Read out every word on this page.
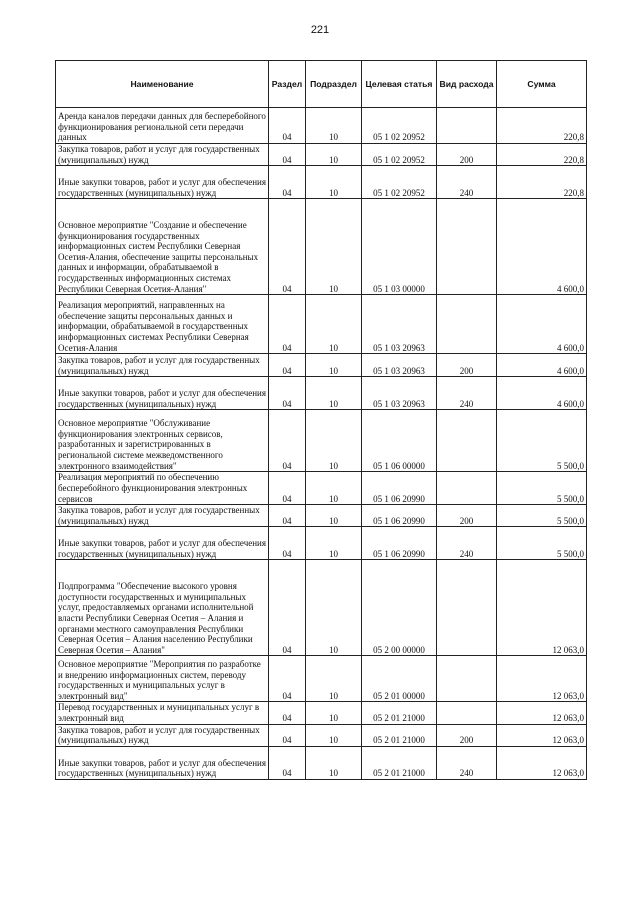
221
Наименование	Раздел	Подраздел	Целевая статья	Вид расхода	Сумма
Аренда каналов передачи данных для бесперебойного функционирования региональной сети передачи данных	04	10	05 1 02 20952		220,8
Закупка товаров, работ и услуг для государственных (муниципальных) нужд	04	10	05 1 02 20952	200	220,8
Иные закупки товаров, работ и услуг для обеспечения государственных (муниципальных) нужд	04	10	05 1 02 20952	240	220,8
Основное мероприятие "Создание и обеспечение функционирования государственных информационных систем Республики Северная Осетия-Алания, обеспечение защиты персональных данных и информации, обрабатываемой в государственных информационных системах Республики Северная Осетия-Алания"	04	10	05 1 03 00000		4 600,0
Реализация мероприятий, направленных на обеспечение защиты персональных данных и информации, обрабатываемой в государственных информационных системах Республики Северная Осетия-Алания	04	10	05 1 03 20963		4 600,0
Закупка товаров, работ и услуг для государственных (муниципальных) нужд	04	10	05 1 03 20963	200	4 600,0
Иные закупки товаров, работ и услуг для обеспечения государственных (муниципальных) нужд	04	10	05 1 03 20963	240	4 600,0
Основное мероприятие "Обслуживание функционирования электронных сервисов, разработанных и зарегистрированных в региональной системе межведомственного электронного взаимодействия"	04	10	05 1 06 00000		5 500,0
Реализация мероприятий по обеспечению бесперебойного функционирования электронных сервисов	04	10	05 1 06 20990		5 500,0
Закупка товаров, работ и услуг для государственных (муниципальных) нужд	04	10	05 1 06 20990	200	5 500,0
Иные закупки товаров, работ и услуг для обеспечения государственных (муниципальных) нужд	04	10	05 1 06 20990	240	5 500,0
Подпрограмма "Обеспечение высокого уровня доступности государственных и муниципальных услуг, предоставляемых органами исполнительной власти Республики Северная Осетия – Алания и органами местного самоуправления Республики Северная Осетия – Алания населению Республики Северная Осетия – Алания"	04	10	05 2 00 00000		12 063,0
Основное мероприятие "Мероприятия по разработке и внедрению информационных систем, переводу государственных и муниципальных услуг в электронный вид"	04	10	05 2 01 00000		12 063,0
Перевод государственных и муниципальных услуг в электронный вид	04	10	05 2 01 21000		12 063,0
Закупка товаров, работ и услуг для государственных (муниципальных) нужд	04	10	05 2 01 21000	200	12 063,0
Иные закупки товаров, работ и услуг для обеспечения государственных (муниципальных) нужд	04	10	05 2 01 21000	240	12 063,0
